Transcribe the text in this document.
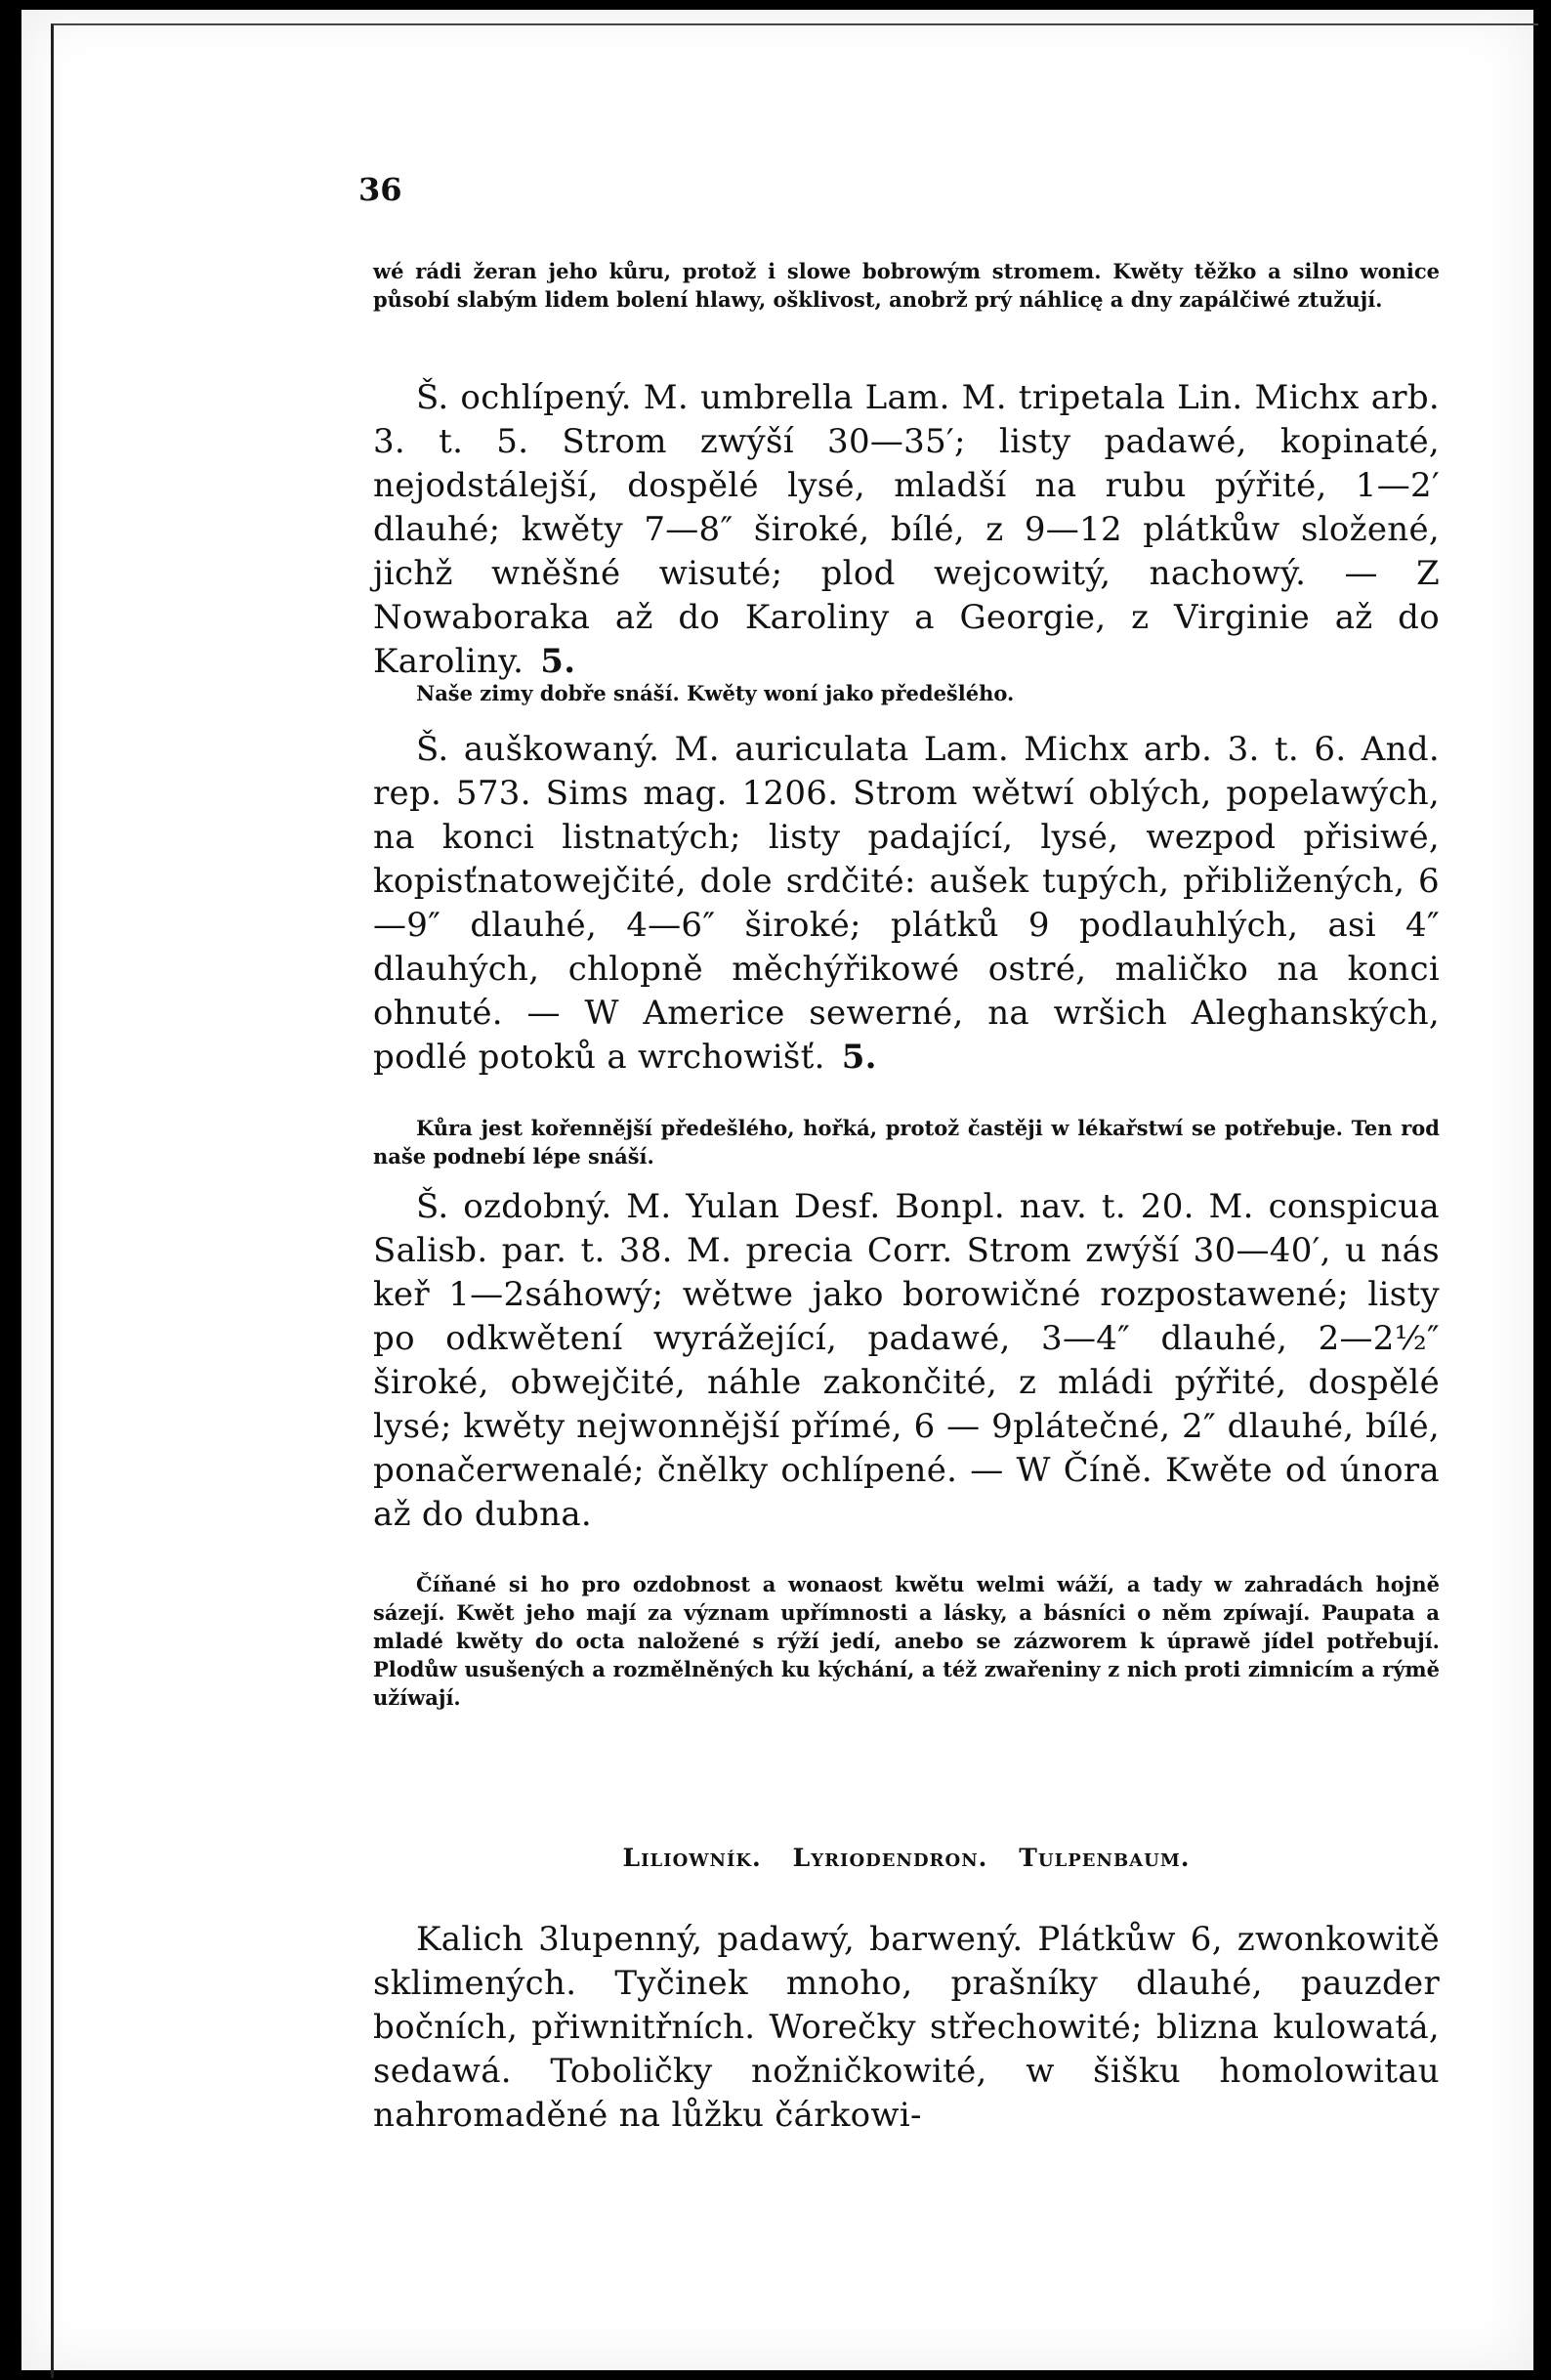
36

wé rádi žeran jeho kůru, protož i slowe bobrowým stromem. Kwěty těžko a silno wonice působí slabým lidem bolení hlawy, ošklivost, anobrž prý náhlicę a dny zapálčiwé ztužují.

Š. ochlípený. M. umbrella Lam. M. tripetala Lin. Michx arb. 3. t. 5. Strom zwýší 30—35′; listy padawé, kopinaté, nejodstálejší, dospělé lysé, mladší na rubu pýřité, 1—2′ dlauhé; kwěty 7—8″ široké, bílé, z 9—12 plátkůw složené, jichž wněšné wisuté; plod wejcowitý, nachowý. — Z Nowaboraka až do Karoliny a Georgie, z Virginie až do Karoliny. 5.

Naše zimy dobře snáší. Kwěty woní jako předešlého.

Š. auškowaný. M. auriculata Lam. Michx arb. 3. t. 6. And. rep. 573. Sims mag. 1206. Strom wětwí oblých, popelawých, na konci listnatých; listy padající, lysé, wezpod přisiwé, kopisťnatowejčité, dole srdčité: aušek tupých, přibližených, 6—9″ dlauhé, 4—6″ široké; plátků 9 podlauhlých, asi 4″ dlauhých, chlopně měchýřikowé ostré, maličko na konci ohnuté. — W Americe sewerné, na wršich Aleghanských, podlé potoků a wrchowišť. 5.

Kůra jest kořennější předešlého, hořká, protož častěji w lékařstwí se potřebuje. Ten rod naše podnebí lépe snáší.

Š. ozdobný. M. Yulan Desf. Bonpl. nav. t. 20. M. conspicua Salisb. par. t. 38. M. precia Corr. Strom zwýší 30—40′, u nás keř 1—2sáhowý; wětwe jako borowičné rozpostawené; listy po odkwětení wyrážející, padawé, 3—4″ dlauhé, 2—2½″ široké, obwejčité, náhle zakončité, z mládi pýřité, dospělé lysé; kwěty nejwonnější přímé, 6 — 9plátečné, 2″ dlauhé, bílé, ponačerwenalé; čnělky ochlípené. — W Číně. Kwěte od února až do dubna.

Číňané si ho pro ozdobnost a wonaost kwětu welmi wáží, a tady w zahradách hojně sázejí. Kwět jeho mají za význam upřímnosti a lásky, a básníci o něm zpíwají. Paupata a mladé kwěty do octa naložené s rýží jedí, anebo se zázworem k úprawě jídel potřebují. Plodůw usušených a rozmělněných ku kýchání, a též zwařeniny z nich proti zimnicím a rýmě užíwají.

Liliowník. Lyriodendron. Tulpenbaum.

Kalich 3lupenný, padawý, barwený. Plátkůw 6, zwonkowitě sklimených. Tyčinek mnoho, prašníky dlauhé, pauzder bočních, přiwnitřních. Worečky střechowité; blizna kulowatá, sedawá. Toboličky nožničkowité, w šišku homolowitau nahromaděné na lůžku čárkowi-
